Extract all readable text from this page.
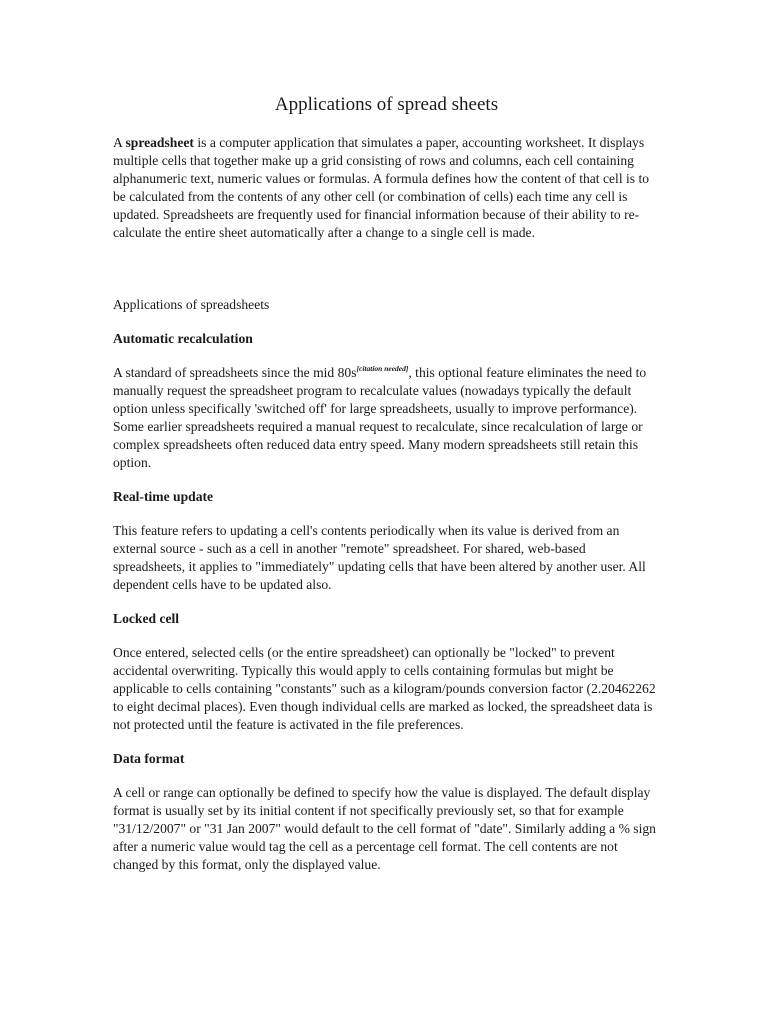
Applications of spread sheets

A spreadsheet is a computer application that simulates a paper, accounting worksheet. It displays multiple cells that together make up a grid consisting of rows and columns, each cell containing alphanumeric text, numeric values or formulas. A formula defines how the content of that cell is to be calculated from the contents of any other cell (or combination of cells) each time any cell is updated. Spreadsheets are frequently used for financial information because of their ability to re-calculate the entire sheet automatically after a change to a single cell is made.

Applications of spreadsheets

Automatic recalculation

A standard of spreadsheets since the mid 80s[citation needed], this optional feature eliminates the need to manually request the spreadsheet program to recalculate values (nowadays typically the default option unless specifically 'switched off' for large spreadsheets, usually to improve performance). Some earlier spreadsheets required a manual request to recalculate, since recalculation of large or complex spreadsheets often reduced data entry speed. Many modern spreadsheets still retain this option.

Real-time update

This feature refers to updating a cell's contents periodically when its value is derived from an external source - such as a cell in another "remote" spreadsheet. For shared, web-based spreadsheets, it applies to "immediately" updating cells that have been altered by another user. All dependent cells have to be updated also.

Locked cell

Once entered, selected cells (or the entire spreadsheet) can optionally be "locked" to prevent accidental overwriting. Typically this would apply to cells containing formulas but might be applicable to cells containing "constants" such as a kilogram/pounds conversion factor (2.20462262 to eight decimal places). Even though individual cells are marked as locked, the spreadsheet data is not protected until the feature is activated in the file preferences.

Data format

A cell or range can optionally be defined to specify how the value is displayed. The default display format is usually set by its initial content if not specifically previously set, so that for example "31/12/2007" or "31 Jan 2007" would default to the cell format of "date". Similarly adding a % sign after a numeric value would tag the cell as a percentage cell format. The cell contents are not changed by this format, only the displayed value.
